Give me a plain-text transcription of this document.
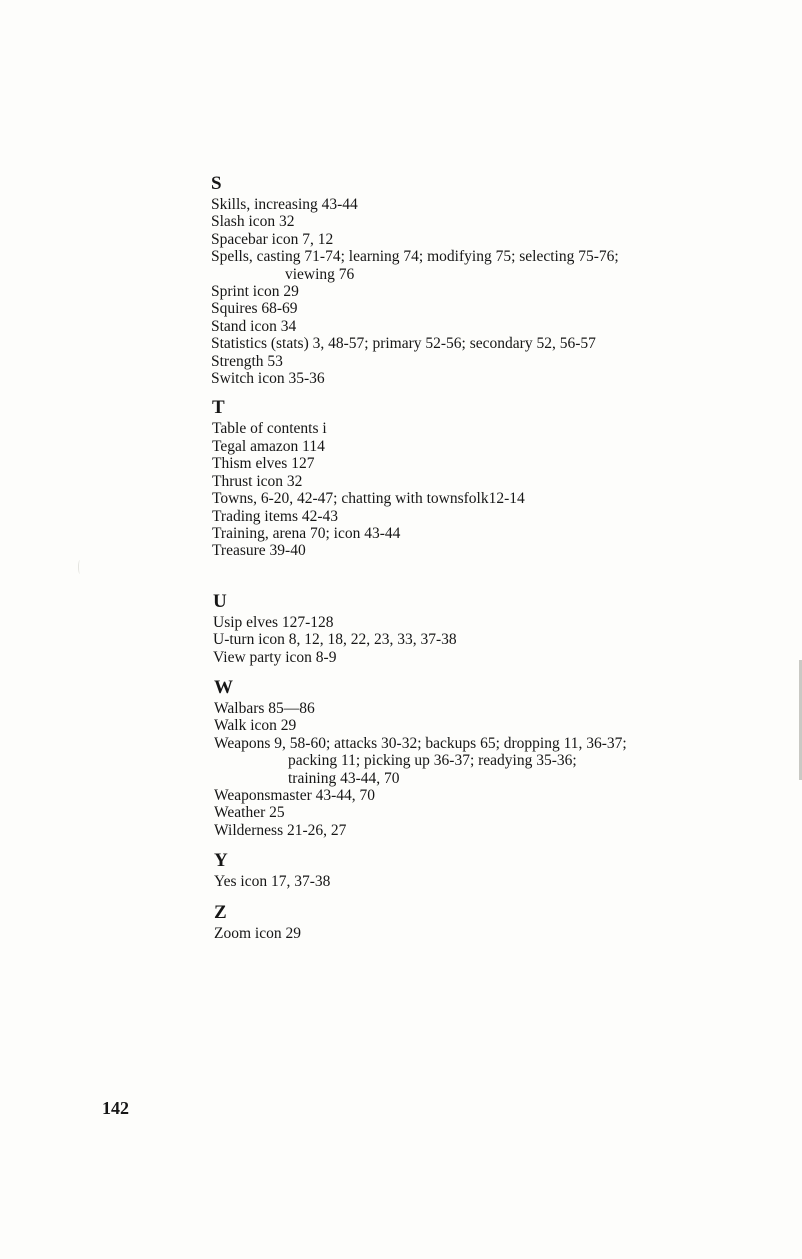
S
Skills, increasing 43-44
Slash icon 32
Spacebar icon 7, 12
Spells, casting 71-74; learning 74; modifying 75; selecting 75-76;
viewing 76
Sprint icon 29
Squires 68-69
Stand icon 34
Statistics (stats) 3, 48-57; primary 52-56; secondary 52, 56-57
Strength 53
Switch icon 35-36
T
Table of contents i
Tegal amazon 114
Thism elves 127
Thrust icon 32
Towns, 6-20, 42-47; chatting with townsfolk12-14
Trading items 42-43
Training, arena 70; icon 43-44
Treasure 39-40
U
Usip elves 127-128
U-turn icon 8, 12, 18, 22, 23, 33, 37-38
View party icon 8-9
W
Walbars 85—86
Walk icon 29
Weapons 9, 58-60; attacks 30-32; backups 65; dropping 11, 36-37;
packing 11; picking up 36-37; readying 35-36;
training 43-44, 70
Weaponsmaster 43-44, 70
Weather 25
Wilderness 21-26, 27
Y
Yes icon 17, 37-38
Z
Zoom icon 29
142
